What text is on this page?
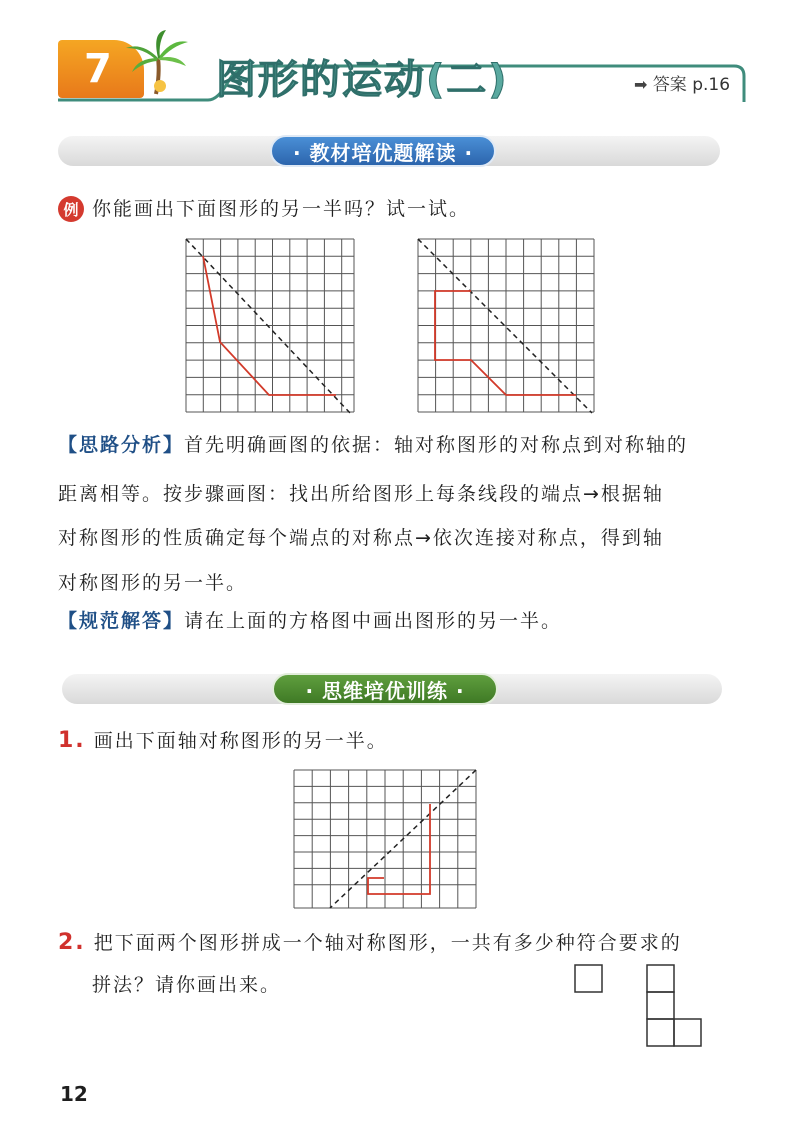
7	图形的运动(二)	➡ 答案 p.16
· 教材培优题解读 ·
例 你能画出下面图形的另一半吗？试一试。
【思路分析】首先明确画图的依据：轴对称图形的对称点到对称轴的
距离相等。按步骤画图：找出所给图形上每条线段的端点→根据轴
对称图形的性质确定每个端点的对称点→依次连接对称点，得到轴
对称图形的另一半。
【规范解答】请在上面的方格图中画出图形的另一半。
· 思维培优训练 ·
1. 画出下面轴对称图形的另一半。
2. 把下面两个图形拼成一个轴对称图形，一共有多少种符合要求的
拼法？请你画出来。
12
